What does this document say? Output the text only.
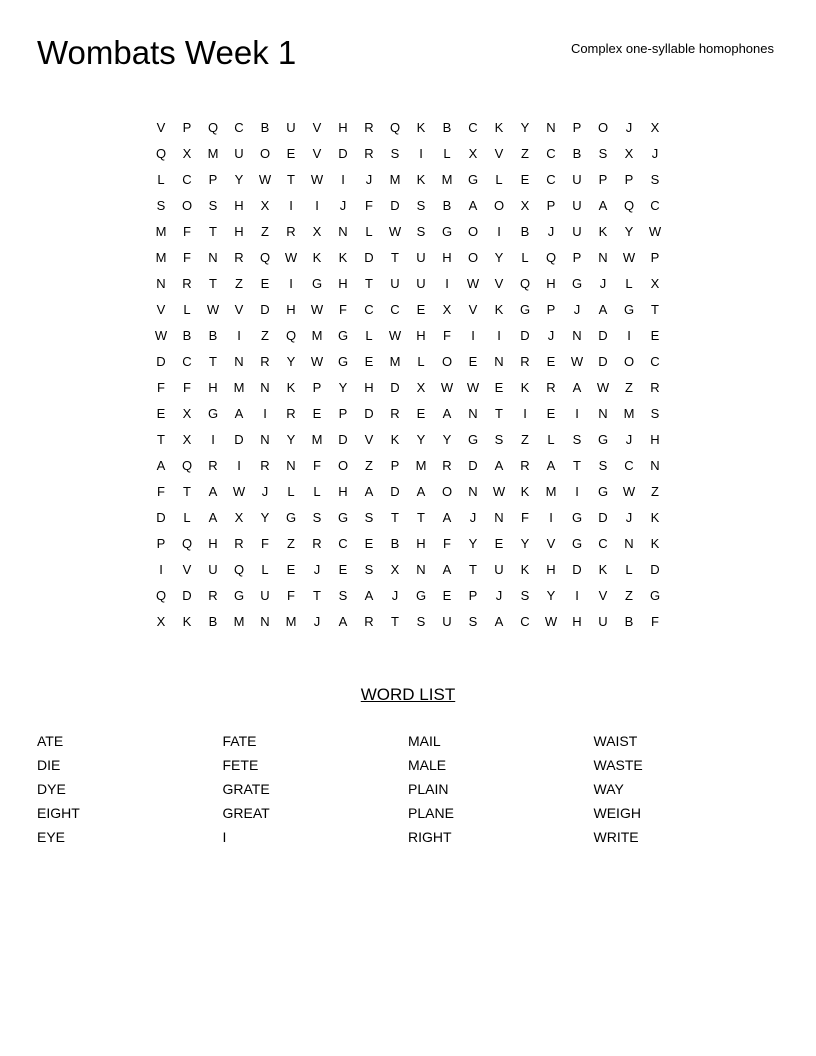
Wombats Week 1	Complex one-syllable homophones
V	P	Q	C	B	U	V	H	R	Q	K	B	C	K	Y	N	P	O	J	X
Q	X	M	U	O	E	V	D	R	S	I	L	X	V	Z	C	B	S	X	J
L	C	P	Y	W	T	W	I	J	M	K	M	G	L	E	C	U	P	P	S
S	O	S	H	X	I	I	J	F	D	S	B	A	O	X	P	U	A	Q	C
M	F	T	H	Z	R	X	N	L	W	S	G	O	I	B	J	U	K	Y	W
M	F	N	R	Q	W	K	K	D	T	U	H	O	Y	L	Q	P	N	W	P
N	R	T	Z	E	I	G	H	T	U	U	I	W	V	Q	H	G	J	L	X
V	L	W	V	D	H	W	F	C	C	E	X	V	K	G	P	J	A	G	T
W	B	B	I	Z	Q	M	G	L	W	H	F	I	I	D	J	N	D	I	E
D	C	T	N	R	Y	W	G	E	M	L	O	E	N	R	E	W	D	O	C
F	F	H	M	N	K	P	Y	H	D	X	W	W	E	K	R	A	W	Z	R
E	X	G	A	I	R	E	P	D	R	E	A	N	T	I	E	I	N	M	S
T	X	I	D	N	Y	M	D	V	K	Y	Y	G	S	Z	L	S	G	J	H
A	Q	R	I	R	N	F	O	Z	P	M	R	D	A	R	A	T	S	C	N
F	T	A	W	J	L	L	H	A	D	A	O	N	W	K	M	I	G	W	Z
D	L	A	X	Y	G	S	G	S	T	T	A	J	N	F	I	G	D	J	K
P	Q	H	R	F	Z	R	C	E	B	H	F	Y	E	Y	V	G	C	N	K
I	V	U	Q	L	E	J	E	S	X	N	A	T	U	K	H	D	K	L	D
Q	D	R	G	U	F	T	S	A	J	G	E	P	J	S	Y	I	V	Z	G
X	K	B	M	N	M	J	A	R	T	S	U	S	A	C	W	H	U	B	F
WORD LIST
ATE
DIE
DYE
EIGHT
EYE
FATE
FETE
GRATE
GREAT
I
MAIL
MALE
PLAIN
PLANE
RIGHT
WAIST
WASTE
WAY
WEIGH
WRITE
